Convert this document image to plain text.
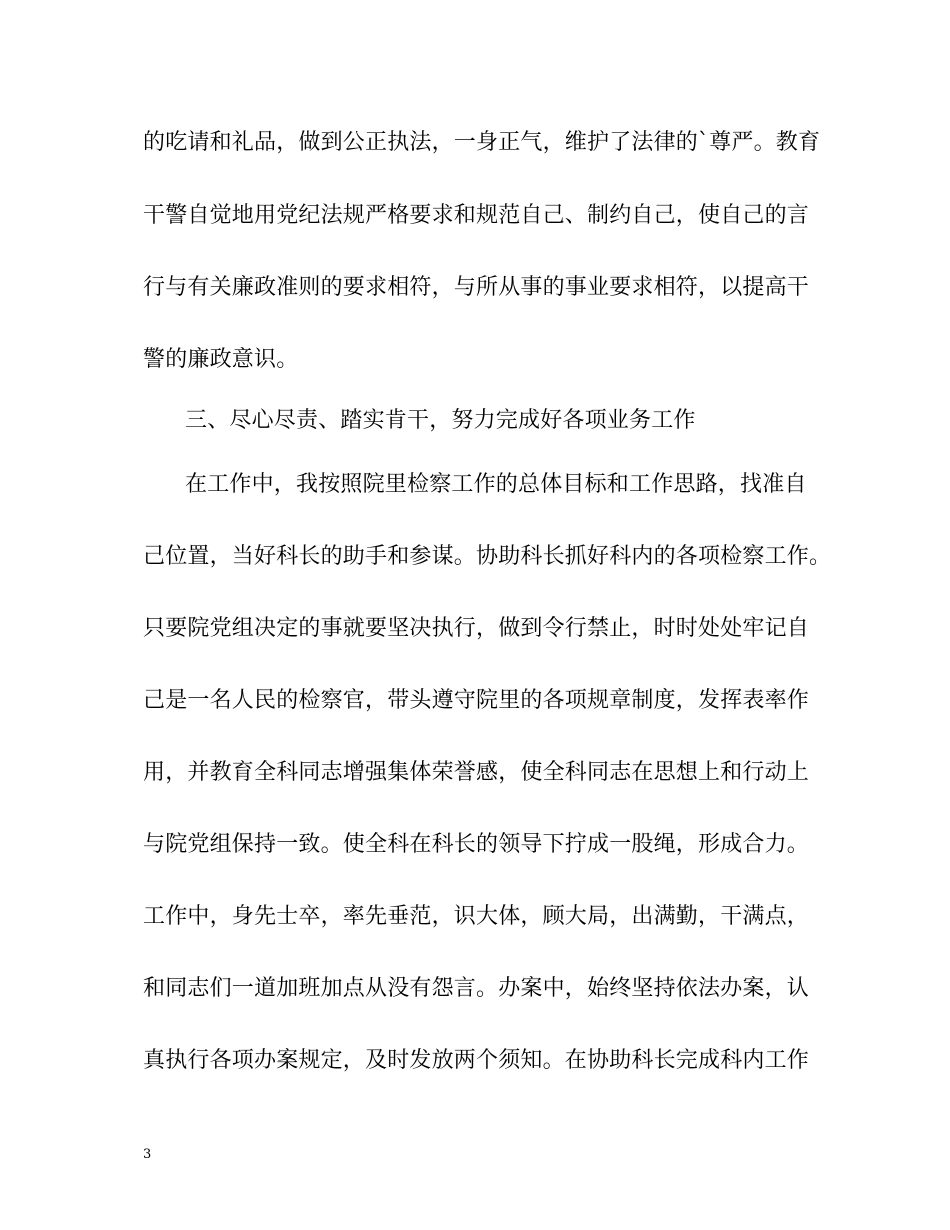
的吃请和礼品，做到公正执法，一身正气，维护了法律的`尊严。教育
干警自觉地用党纪法规严格要求和规范自己、制约自己，使自己的言
行与有关廉政准则的要求相符，与所从事的事业要求相符，以提高干
警的廉政意识。
三、尽心尽责、踏实肯干，努力完成好各项业务工作
在工作中，我按照院里检察工作的总体目标和工作思路，找准自
己位置，当好科长的助手和参谋。协助科长抓好科内的各项检察工作。
只要院党组决定的事就要坚决执行，做到令行禁止，时时处处牢记自
己是一名人民的检察官，带头遵守院里的各项规章制度，发挥表率作
用，并教育全科同志增强集体荣誉感，使全科同志在思想上和行动上
与院党组保持一致。使全科在科长的领导下拧成一股绳，形成合力。
工作中，身先士卒，率先垂范，识大体，顾大局，出满勤，干满点，
和同志们一道加班加点从没有怨言。办案中，始终坚持依法办案，认
真执行各项办案规定，及时发放两个须知。在协助科长完成科内工作
3
